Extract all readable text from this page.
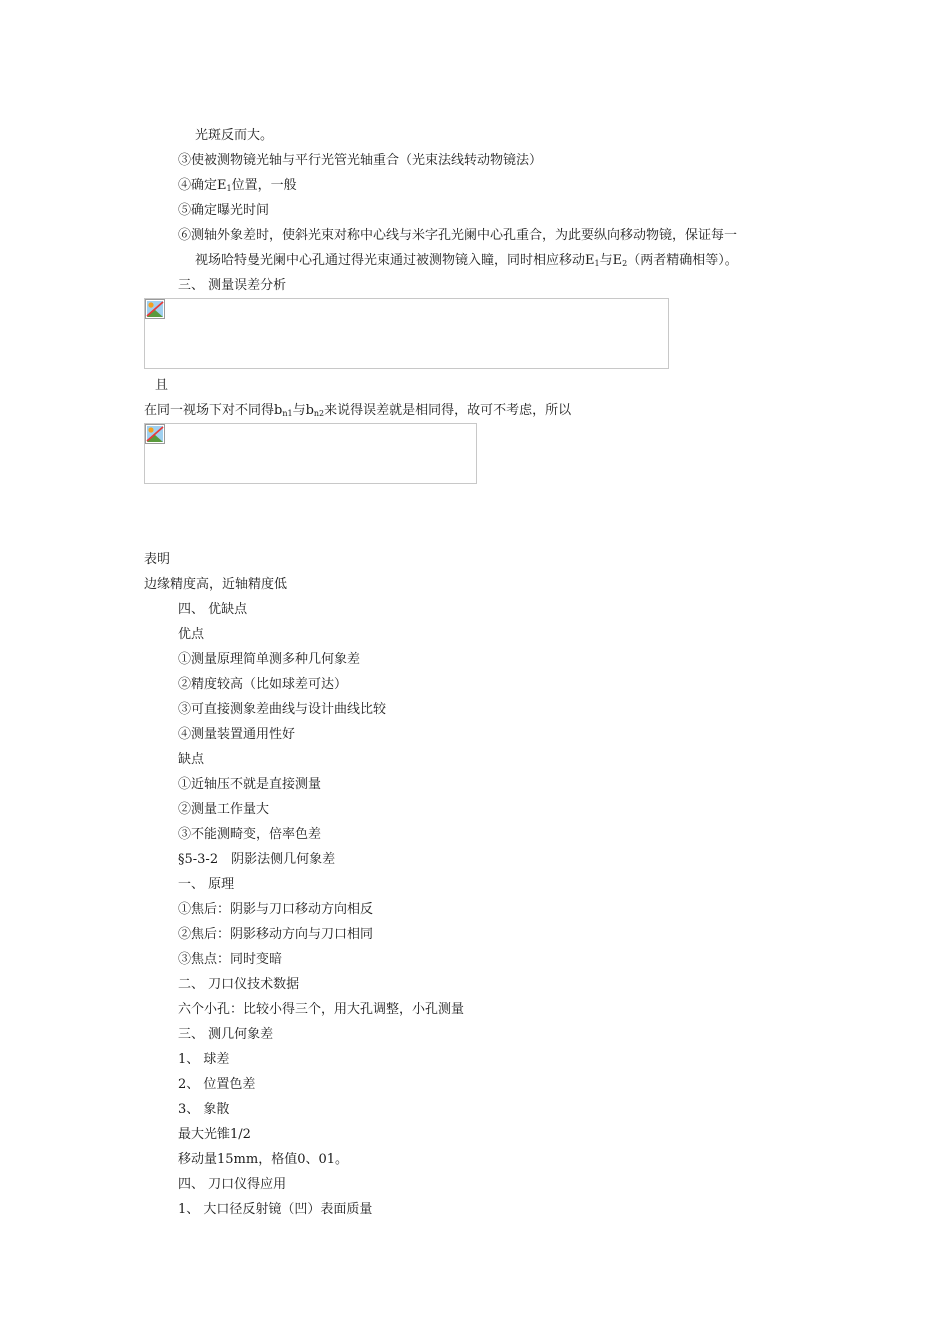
光斑反而大。

③使被测物镜光轴与平行光管光轴重合（光束法线转动物镜法）

④确定$E_1$位置，一般

⑤确定曝光时间

⑥测轴外象差时，使斜光束对称中心线与米字孔光阑中心孔重合，为此要纵向移动物镜，保证每一

视场哈特曼光阑中心孔通过得光束通过被测物镜入瞳，同时相应移动$E_1$与$E_2$（两者精确相等）。

三、 测量误差分析

且

在同一视场下对不同得$b_{n1}$与$b_{n2}$来说得误差就是相同得，故可不考虑，所以

表明

边缘精度高，近轴精度低

四、 优缺点

优点

①测量原理简单测多种几何象差

②精度较高（比如球差可达）

③可直接测象差曲线与设计曲线比较

④测量装置通用性好

缺点

①近轴压不就是直接测量

②测量工作量大

③不能测畸变，倍率色差

§5-3-2　阴影法侧几何象差

一、 原理

①焦后：阴影与刀口移动方向相反

②焦后：阴影移动方向与刀口相同

③焦点：同时变暗

二、 刀口仪技术数据

六个小孔：比较小得三个，用大孔调整，小孔测量

三、 测几何象差

1、 球差

2、 位置色差

3、 象散

最大光锥1/2

移动量15mm，格值0、01。

四、 刀口仪得应用

1、 大口径反射镜（凹）表面质量
